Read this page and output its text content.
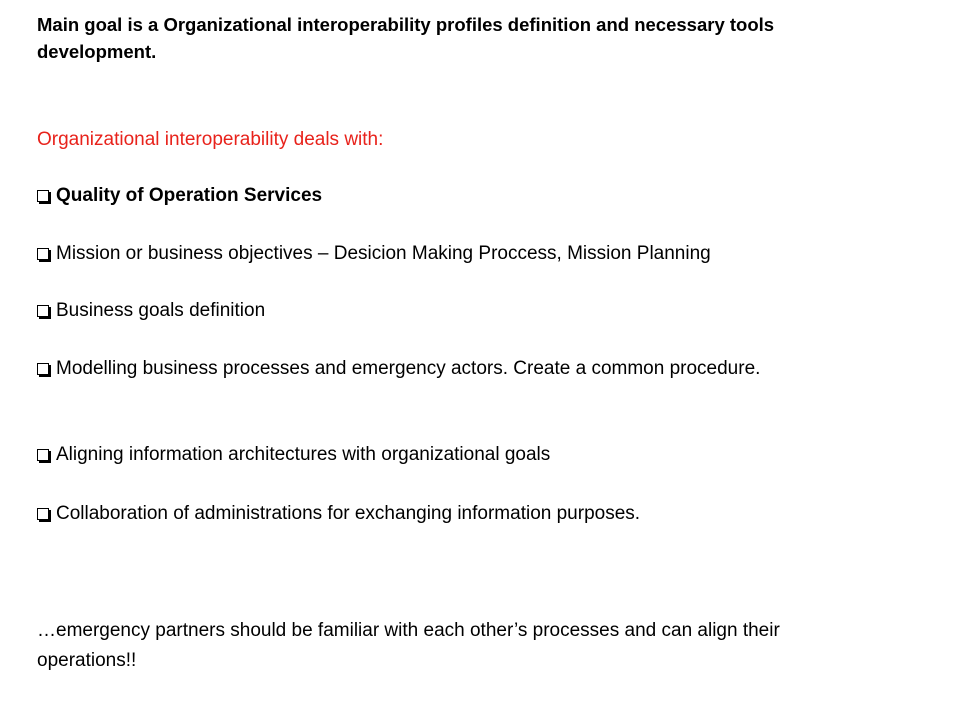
Main goal is a Organizational interoperability profiles definition and necessary tools development.
Organizational interoperability deals with:
Quality of Operation Services
Mission or business objectives – Desicion Making Proccess, Mission Planning
Business goals definition
Modelling business processes and emergency actors. Create a common procedure.
Aligning information architectures with organizational goals
Collaboration of administrations for exchanging information purposes.
…emergency partners should be familiar with each other’s processes and can align their operations!!
